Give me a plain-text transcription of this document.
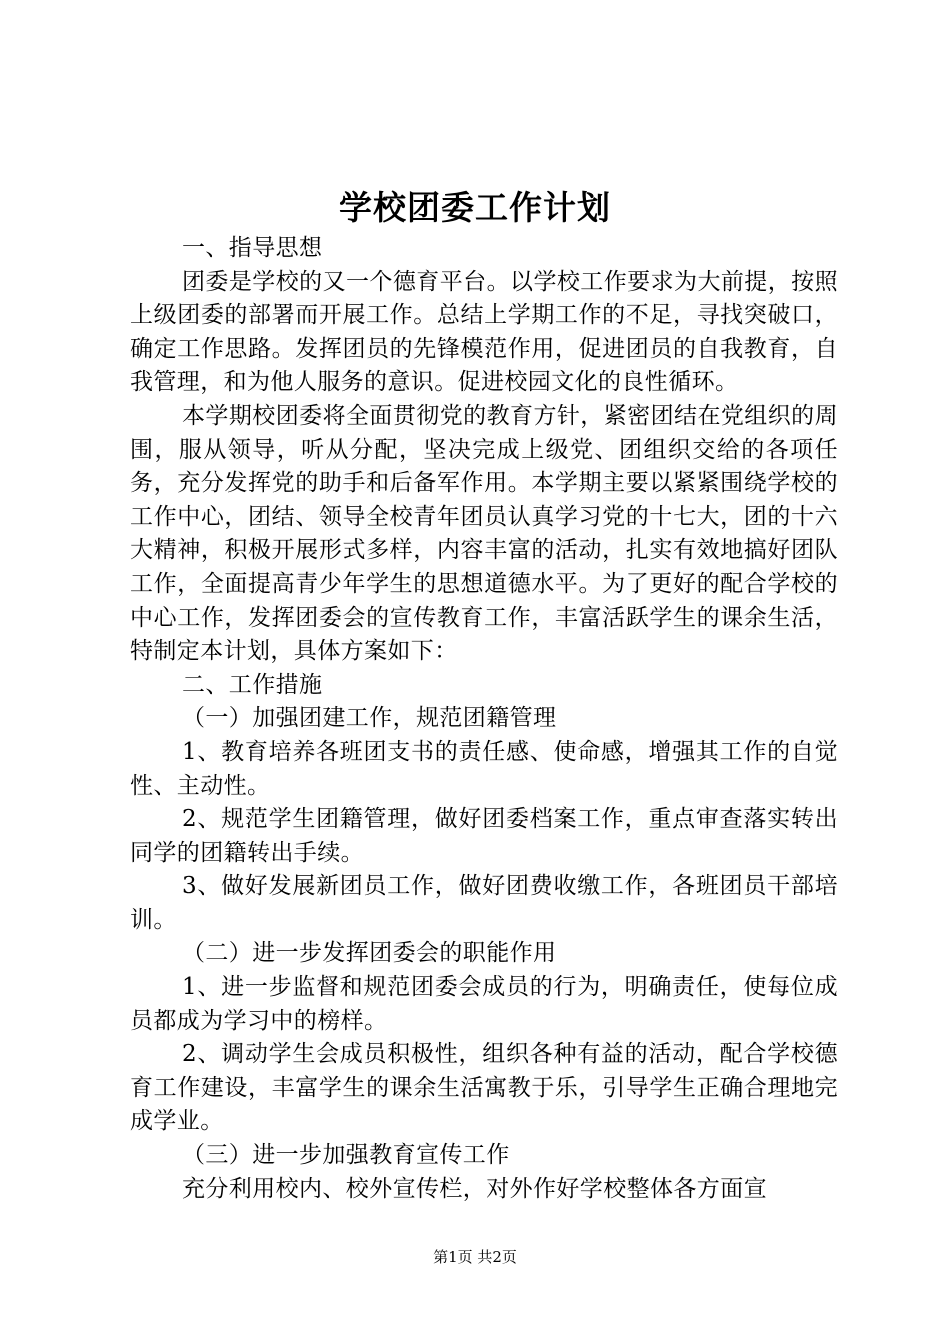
学校团委工作计划

一、指导思想

团委是学校的又一个德育平台。以学校工作要求为大前提，按照上级团委的部署而开展工作。总结上学期工作的不足，寻找突破口，确定工作思路。发挥团员的先锋模范作用，促进团员的自我教育，自我管理，和为他人服务的意识。促进校园文化的良性循环。

本学期校团委将全面贯彻党的教育方针，紧密团结在党组织的周围，服从领导，听从分配，坚决完成上级党、团组织交给的各项任务，充分发挥党的助手和后备军作用。本学期主要以紧紧围绕学校的工作中心，团结、领导全校青年团员认真学习党的十七大，团的十六大精神，积极开展形式多样，内容丰富的活动，扎实有效地搞好团队工作，全面提高青少年学生的思想道德水平。为了更好的配合学校的中心工作，发挥团委会的宣传教育工作，丰富活跃学生的课余生活，特制定本计划，具体方案如下：

二、工作措施

（一）加强团建工作，规范团籍管理

1、教育培养各班团支书的责任感、使命感，增强其工作的自觉性、主动性。

2、规范学生团籍管理，做好团委档案工作，重点审查落实转出同学的团籍转出手续。

3、做好发展新团员工作，做好团费收缴工作，各班团员干部培训。

（二）进一步发挥团委会的职能作用

1、进一步监督和规范团委会成员的行为，明确责任，使每位成员都成为学习中的榜样。

2、调动学生会成员积极性，组织各种有益的活动，配合学校德育工作建设，丰富学生的课余生活寓教于乐，引导学生正确合理地完成学业。

（三）进一步加强教育宣传工作

充分利用校内、校外宣传栏，对外作好学校整体各方面宣

第1页 共2页
